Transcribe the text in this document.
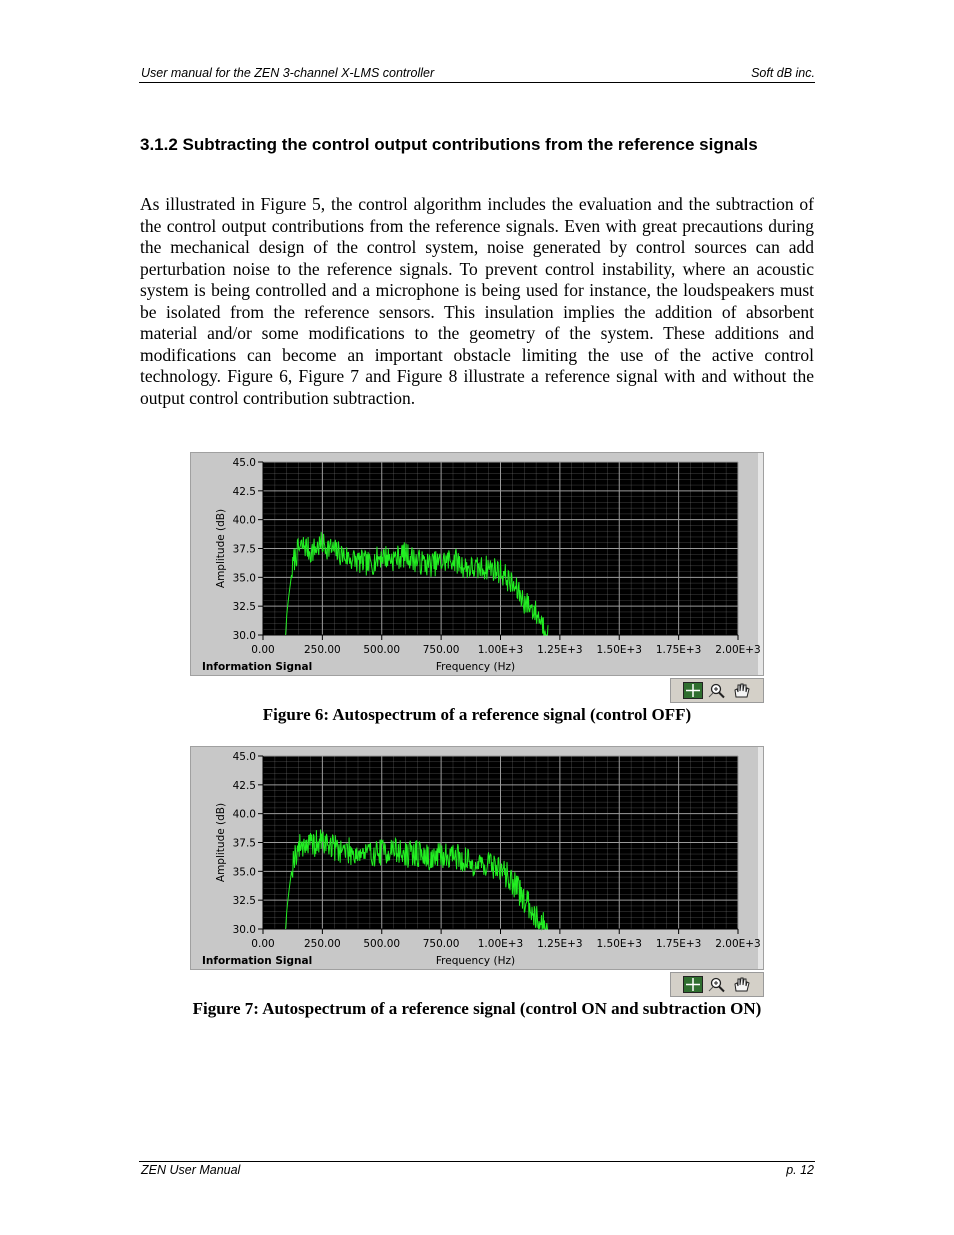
User manual for the ZEN 3-channel X-LMS controller	Soft dB inc.
3.1.2 Subtracting the control output contributions from the reference signals

As illustrated in Figure 5, the control algorithm includes the evaluation and the subtraction of the control output contributions from the reference signals. Even with great precautions during the mechanical design of the control system, noise generated by control sources can add perturbation noise to the reference signals. To prevent control instability, where an acoustic system is being controlled and a microphone is being used for instance, the loudspeakers must be isolated from the reference sensors. This insulation implies the addition of absorbent material and/or some modifications to the geometry of the system. These additions and modifications can become an important obstacle limiting the use of the active control technology. Figure 6, Figure 7 and Figure 8 illustrate a reference signal with and without the output control contribution subtraction.

30.0
32.5
35.0
37.5
40.0
42.5
45.0
0.00	250.00 500.00 750.00 1.00E+3 1.25E+3 1.50E+3 1.75E+3 2.00E+3
Amplitude (dB)
Frequency (Hz)
Information Signal

Figure 6: Autospectrum of a reference signal (control OFF)

30.0
32.5
35.0
37.5
40.0
42.5
45.0
0.00	250.00 500.00 750.00 1.00E+3 1.25E+3 1.50E+3 1.75E+3 2.00E+3
Amplitude (dB)
Frequency (Hz)
Information Signal

Figure 7: Autospectrum of a reference signal (control ON and subtraction ON)

ZEN User Manual	p. 12
